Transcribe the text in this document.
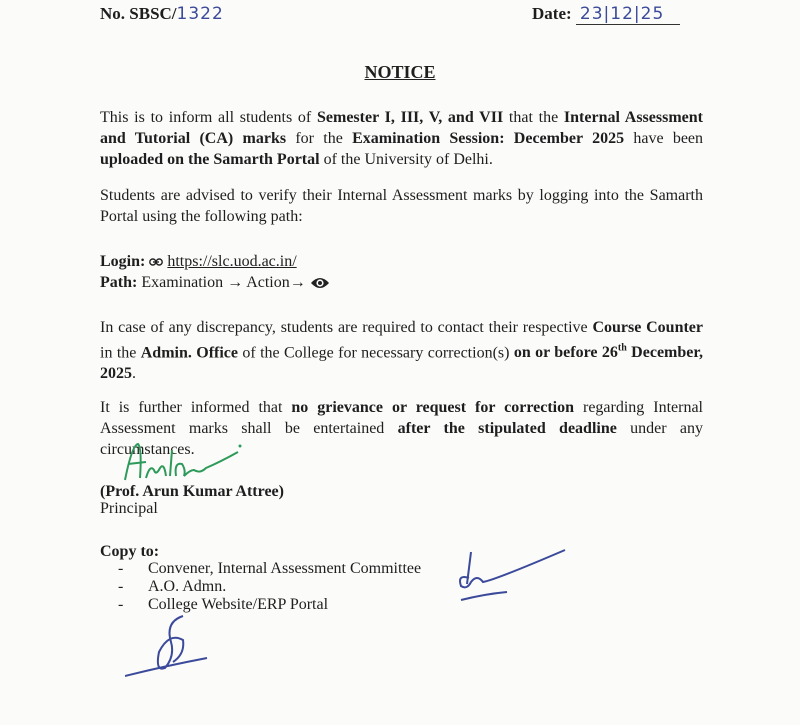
No. SBSC/1322	Date: 23|12|25
NOTICE

This is to inform all students of Semester I, III, V, and VII that the Internal Assessment and Tutorial (CA) marks for the Examination Session: December 2025 have been uploaded on the Samarth Portal of the University of Delhi.

Students are advised to verify their Internal Assessment marks by logging into the Samarth Portal using the following path:

Login: https://slc.uod.ac.in/
Path: Examination → Action→

In case of any discrepancy, students are required to contact their respective Course Counter in the Admin. Office of the College for necessary correction(s) on or before 26th December, 2025.

It is further informed that no grievance or request for correction regarding Internal Assessment marks shall be entertained after the stipulated deadline under any circumstances.

(Prof. Arun Kumar Attree)
Principal
Copy to:
- Convener, Internal Assessment Committee
- A.O. Admn.
- College Website/ERP Portal
